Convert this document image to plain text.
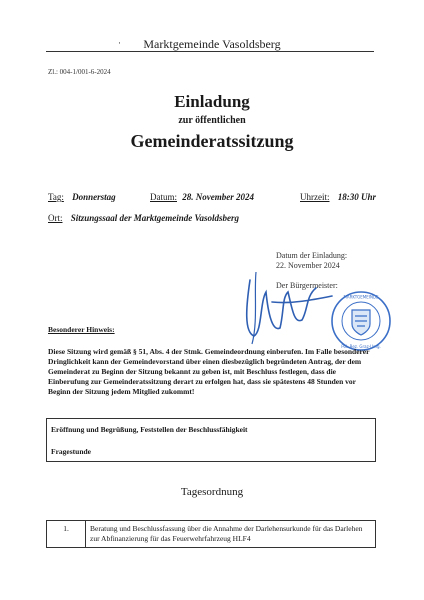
·	Marktgemeinde Vasoldsberg
Zl.: 004-1/001-6-2024
Einladung
zur öffentlichen
Gemeinderatssitzung
Tag: Donnerstag	Datum: 28. November 2024	Uhrzeit: 18:30 Uhr
Ort: Sitzungssaal der Marktgemeinde Vasoldsberg
Datum der Einladung:
22. November 2024
Der Bürgermeister:
MARKTGEMEINDE
Pol. Bez. Graz-Umg.
Besonderer Hinweis:
Diese Sitzung wird gemäß § 51, Abs. 4 der Stmk. Gemeindeordnung einberufen. Im Falle besonderer Dringlichkeit kann der Gemeindevorstand über einen diesbezüglich begründeten Antrag, der dem Gemeinderat zu Beginn der Sitzung bekannt zu geben ist, mit Beschluss festlegen, dass die Einberufung zur Gemeinderatssitzung derart zu erfolgen hat, dass sie spätestens 48 Stunden vor Beginn der Sitzung jedem Mitglied zukommt!
Eröffnung und Begrüßung, Feststellen der Beschlussfähigkeit
Fragestunde
Tagesordnung
1.	Beratung und Beschlussfassung über die Annahme der Darlehensurkunde für das Darlehen zur Abfinanzierung für das Feuerwehrfahrzeug HLF4
